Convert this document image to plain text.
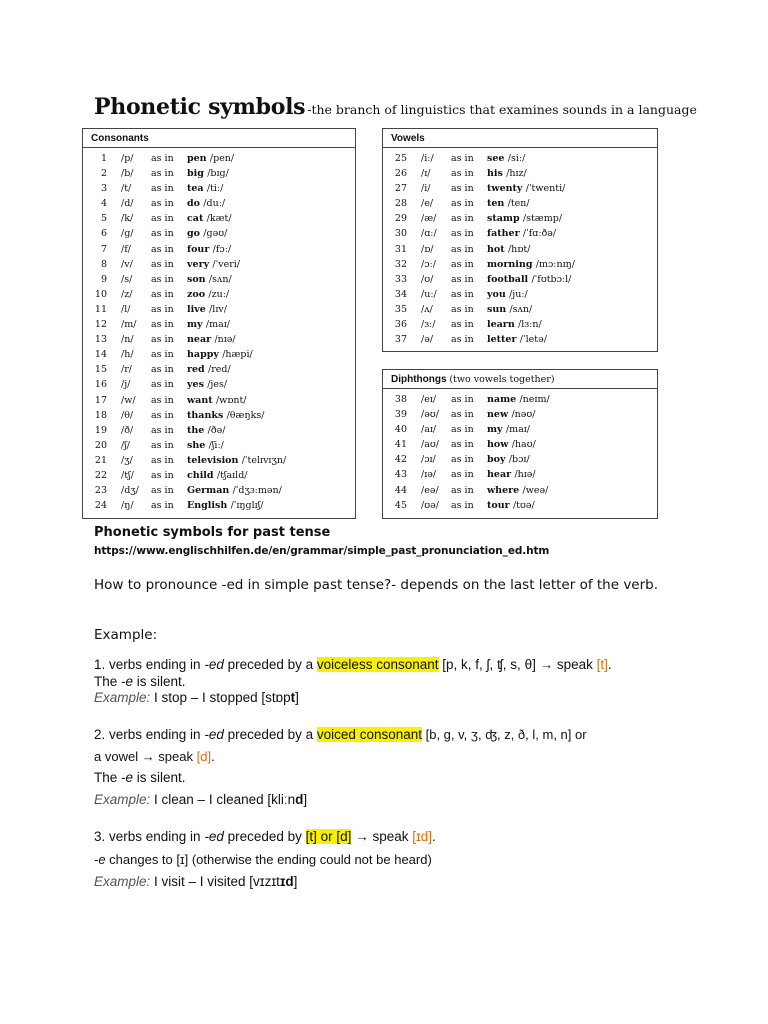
Phonetic symbols -the branch of linguistics that examines sounds in a language
Consonants
1 /p/ as in pen /pen/
2 /b/ as in big /bɪg/
3 /t/ as in tea /tiː/
4 /d/ as in do /duː/
5 /k/ as in cat /kæt/
6 /g/ as in go /gəʊ/
7 /f/ as in four /fɔː/
8 /v/ as in very /ˈveri/
9 /s/ as in son /sʌn/
10 /z/ as in zoo /zuː/
11 /l/ as in live /lɪv/
12 /m/ as in my /maɪ/
13 /n/ as in near /nɪə/
14 /h/ as in happy /hæpi/
15 /r/ as in red /red/
16 /j/ as in yes /jes/
17 /w/ as in want /wɒnt/
18 /θ/ as in thanks /θæŋks/
19 /ð/ as in the /ðə/
20 /ʃ/ as in she /ʃiː/
21 /ʒ/ as in television /ˈtelɪvɪʒn/
22 /tʃ/ as in child /tʃaɪld/
23 /dʒ/ as in German /ˈdʒɜːmən/
24 /ŋ/ as in English /ˈɪŋglɪʃ/
Vowels
25 /iː/ as in see /siː/
26 /ɪ/ as in his /hɪz/
27 /i/ as in twenty /ˈtwenti/
28 /e/ as in ten /ten/
29 /æ/ as in stamp /stæmp/
30 /ɑː/ as in father /ˈfɑːðə/
31 /ɒ/ as in hot /hɒt/
32 /ɔː/ as in morning /mɔːnɪŋ/
33 /ʊ/ as in football /ˈfʊtbɔːl/
34 /uː/ as in you /juː/
35 /ʌ/ as in sun /sʌn/
36 /ɜː/ as in learn /lɜːn/
37 /ə/ as in letter /ˈletə/
Diphthongs (two vowels together)
38 /eɪ/ as in name /neɪm/
39 /əʊ/ as in new /nəʊ/
40 /aɪ/ as in my /maɪ/
41 /aʊ/ as in how /haʊ/
42 /ɔɪ/ as in boy /bɔɪ/
43 /ɪə/ as in hear /hɪə/
44 /eə/ as in where /weə/
45 /ʊə/ as in tour /tʊə/
Phonetic symbols for past tense
https://www.englischhilfen.de/en/grammar/simple_past_pronunciation_ed.htm
How to pronounce -ed in simple past tense?- depends on the last letter of the verb.
Example:
1. verbs ending in -ed preceded by a voiceless consonant [p, k, f, ʃ, ʧ, s, θ] → speak [t].
The -e is silent.
Example: I stop – I stopped [stɒpt]
2. verbs ending in -ed preceded by a voiced consonant [b, g, v, ʒ, ʤ, z, ð, l, m, n] or
a vowel → speak [d].
The -e is silent.
Example: I clean – I cleaned [kliːnd]
3. verbs ending in -ed preceded by [t] or [d] → speak [ɪd].
-e changes to [ɪ] (otherwise the ending could not be heard)
Example: I visit – I visited [vɪzɪtɪd]
